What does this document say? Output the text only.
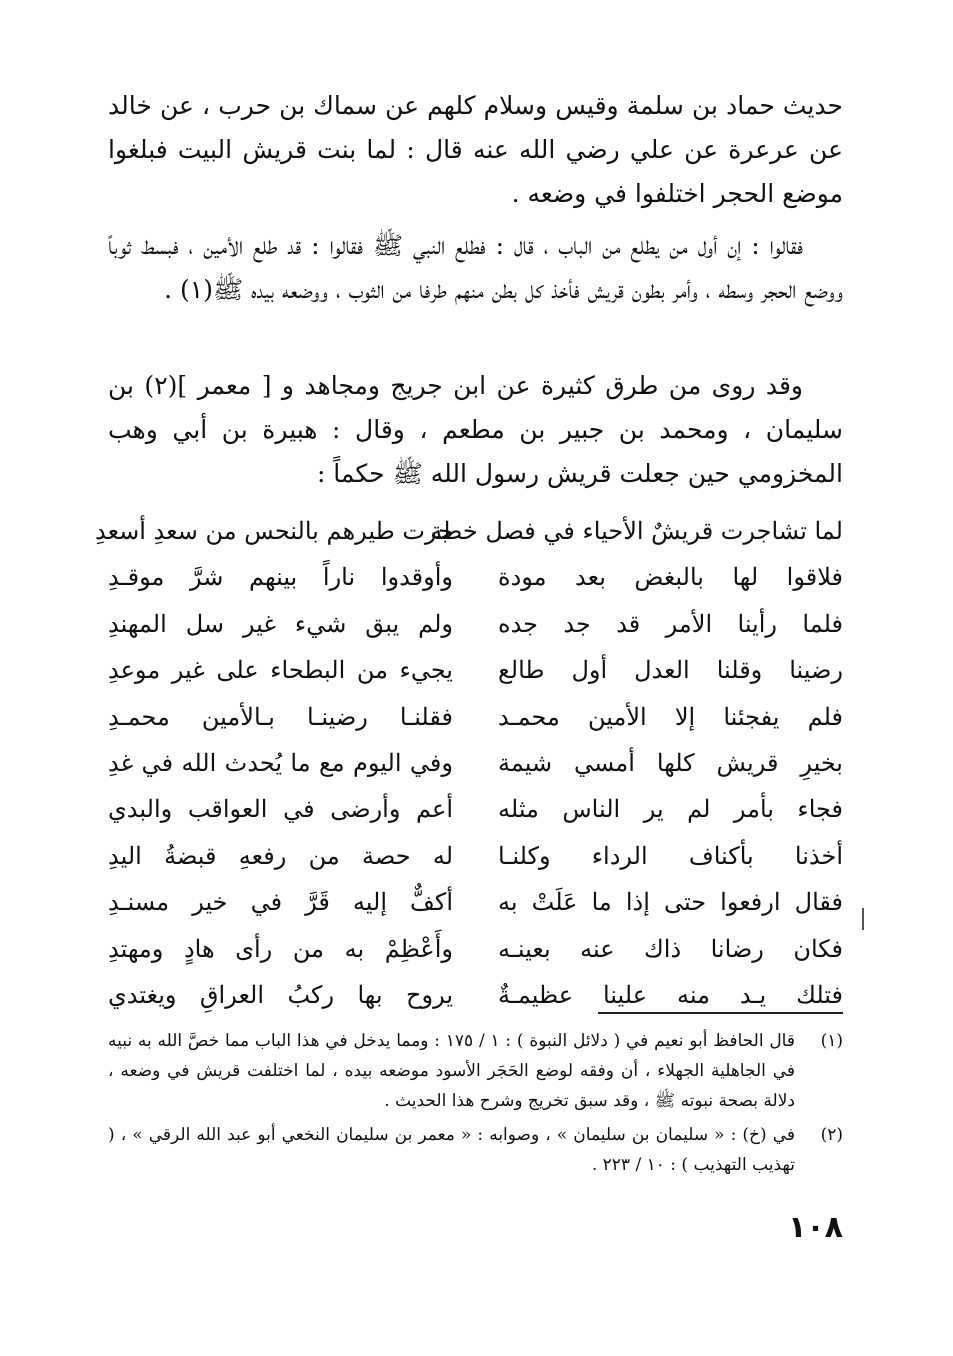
حديث حماد بن سلمة وقيس وسلام كلهم عن سماك بن حرب ، عن خالد عن عرعرة عن علي رضي الله عنه قال : لما بنت قريش البيت فبلغوا موضع الحجر اختلفوا في وضعه .

فقالوا : إن أول من يطلع من الباب ، قال : فطلع النبي ﷺ فقالوا : قد طلع الأمين ، فبسط ثوباً ووضع الحجر وسطه ، وأمر بطون قريش فأخذ كل بطن منهم طرفا من الثوب ، ووضعه بيده ﷺ(١) .

وقد روى من طرق كثيرة عن ابن جريج ومجاهد و [ معمر ](٢) بن سليمان ، ومحمد بن جبير بن مطعم ، وقال : هبيرة بن أبي وهب المخزومي حين جعلت قريش رسول الله ﷺ حكماً :

لما تشاجرت قريشٌ الأحياء في فصل خطة
جرت طيرهم بالنحس من سعدِ أسعدِ
فلاقوا لها بالبغض بعد مودة
وأوقدوا ناراً بينهم شرَّ موقـدِ
فلما رأينا الأمر قد جد جده
ولم يبق شيء غير سل المهندِ
رضينا وقلنا العدل أول طالع
يجيء من البطحاء على غير موعدِ
فلم يفجئنا إلا الأمين محمـد
فقلنـا رضينـا بـالأمين محمـدِ
بخيرِ قريش كلها أمسي شيمة
وفي اليوم مع ما يُحدث الله في غدِ
فجاء بأمر لم ير الناس مثله
أعم وأرضى في العواقب والبدي
أخذنا بأكناف الرداء وكلنـا
له حصة من رفعهِ قبضةُ اليدِ
فقال ارفعوا حتى إذا ما عَلَتْ به
أكفٌّ إليه قَرَّ في خير مسنـدِ
فكان رضانا ذاك عنه بعينـه
وأَعْظِمْ به من رأى هادٍ ومهتدِ
فتلك يـد منه علينا عظيمـةٌ
يروح بها ركبُ العراقِ ويغتدي
(١)
قال الحافظ أبو نعيم في ( دلائل النبوة ) : ١ / ١٧٥ : ومما يدخل في هذا الباب مما خصَّ الله به نبيه في الجاهلية الجهلاء ، أن وفقه لوضع الحَجَر الأسود موضعه بيده ، لما اختلفت قريش في وضعه ، دلالة بصحة نبوته ﷺ ، وقد سبق تخريج وشرح هذا الحديث .
(٢)
في (خ) : « سليمان بن سليمان » ، وصوابه : « معمر بن سليمان النخعي أبو عبد الله الرقي » ، ( تهذيب التهذيب ) : ١٠ / ٢٢٣ .
١٠٨
